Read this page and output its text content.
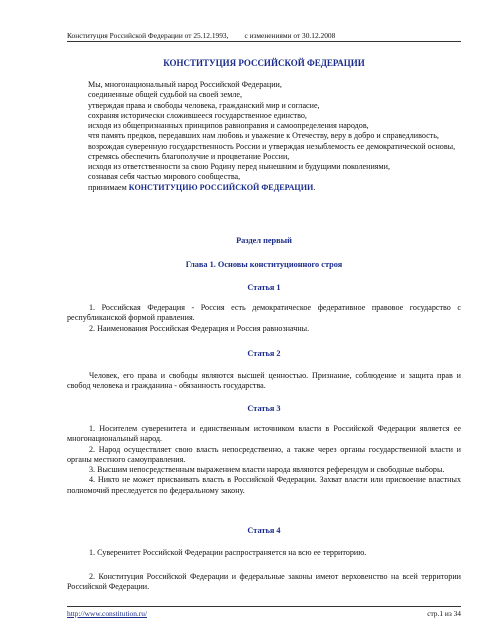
Конституция Российской Федерации от 25.12.1993, с изменениями от 30.12.2008
КОНСТИТУЦИЯ РОССИЙСКОЙ ФЕДЕРАЦИИ

Мы, многонациональный народ Российской Федерации,

соединенные общей судьбой на своей земле,

утверждая права и свободы человека, гражданский мир и согласие,

сохраняя исторически сложившееся государственное единство,

исходя из общепризнанных принципов равноправия и самоопределения народов,

чтя память предков, передавших нам любовь и уважение к Отечеству, веру в добро и справедливость,

возрождая суверенную государственность России и утверждая незыблемость ее демократической основы,

стремясь обеспечить благополучие и процветание России,

исходя из ответственности за свою Родину перед нынешним и будущими поколениями,

сознавая себя частью мирового сообщества,

принимаем КОНСТИТУЦИЮ РОССИЙСКОЙ ФЕДЕРАЦИИ.

Раздел первый
Глава 1. Основы конституционного строя
Статья 1

1. Российская Федерация - Россия есть демократическое федеративное правовое государство с республиканской формой правления.

2. Наименования Российская Федерация и Россия равнозначны.

Статья 2

Человек, его права и свободы являются высшей ценностью. Признание, соблюдение и защита прав и свобод человека и гражданина - обязанность государства.

Статья 3

1. Носителем суверенитета и единственным источником власти в Российской Федерации является ее многонациональный народ.

2. Народ осуществляет свою власть непосредственно, а также через органы государственной власти и органы местного самоуправления.

3. Высшим непосредственным выражением власти народа являются референдум и свободные выборы.

4. Никто не может присваивать власть в Российской Федерации. Захват власти или присвоение властных полномочий преследуется по федеральному закону.

Статья 4

1. Суверенитет Российской Федерации распространяется на всю ее территорию.

2. Конституция Российской Федерации и федеральные законы имеют верховенство на всей территории Российской Федерации.

http://www.constitution.ru/	стр.1 из 34
